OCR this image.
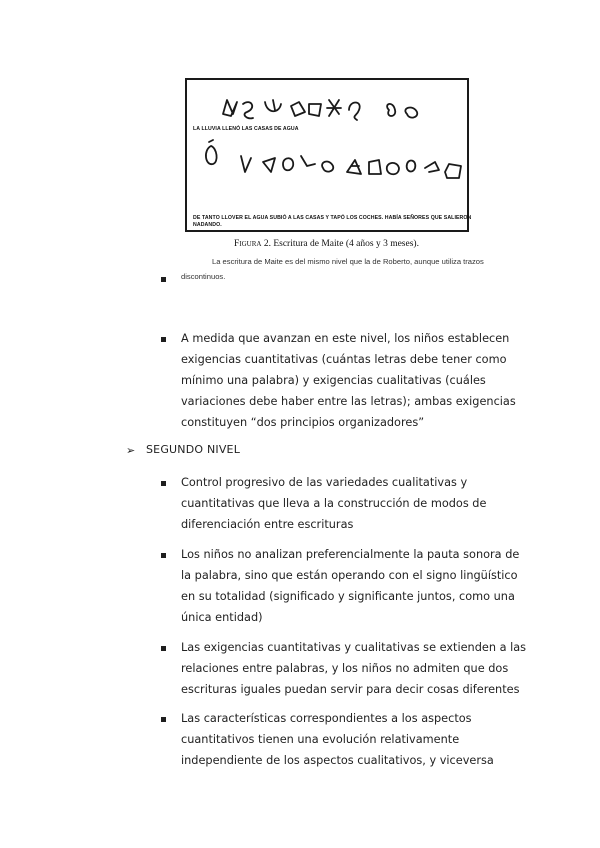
LA LLUVIA LLENÓ LAS CASAS DE AGUA
DE TANTO LLOVER EL AGUA SUBIÓ A LAS CASAS Y TAPÓ LOS COCHES. HABÍA SEÑORES QUE SALIERON
NADANDO.
Figura 2. Escritura de Maite (4 años y 3 meses).
La escritura de Maite es del mismo nivel que la de Roberto, aunque utiliza trazos
discontinuos.
A medida que avanzan en este nivel, los niños establecen exigencias cuantitativas (cuántas letras debe tener como mínimo una palabra) y exigencias cualitativas (cuáles variaciones debe haber entre las letras); ambas exigencias constituyen “dos principios organizadores”
➢ SEGUNDO NIVEL
Control progresivo de las variedades cualitativas y cuantitativas que lleva a la construcción de modos de diferenciación entre escrituras
Los niños no analizan preferencialmente la pauta sonora de la palabra, sino que están operando con el signo lingüístico en su totalidad (significado y significante juntos, como una única entidad)
Las exigencias cuantitativas y cualitativas se extienden a las relaciones entre palabras, y los niños no admiten que dos escrituras iguales puedan servir para decir cosas diferentes
Las características correspondientes a los aspectos cuantitativos tienen una evolución relativamente independiente de los aspectos cualitativos, y viceversa
